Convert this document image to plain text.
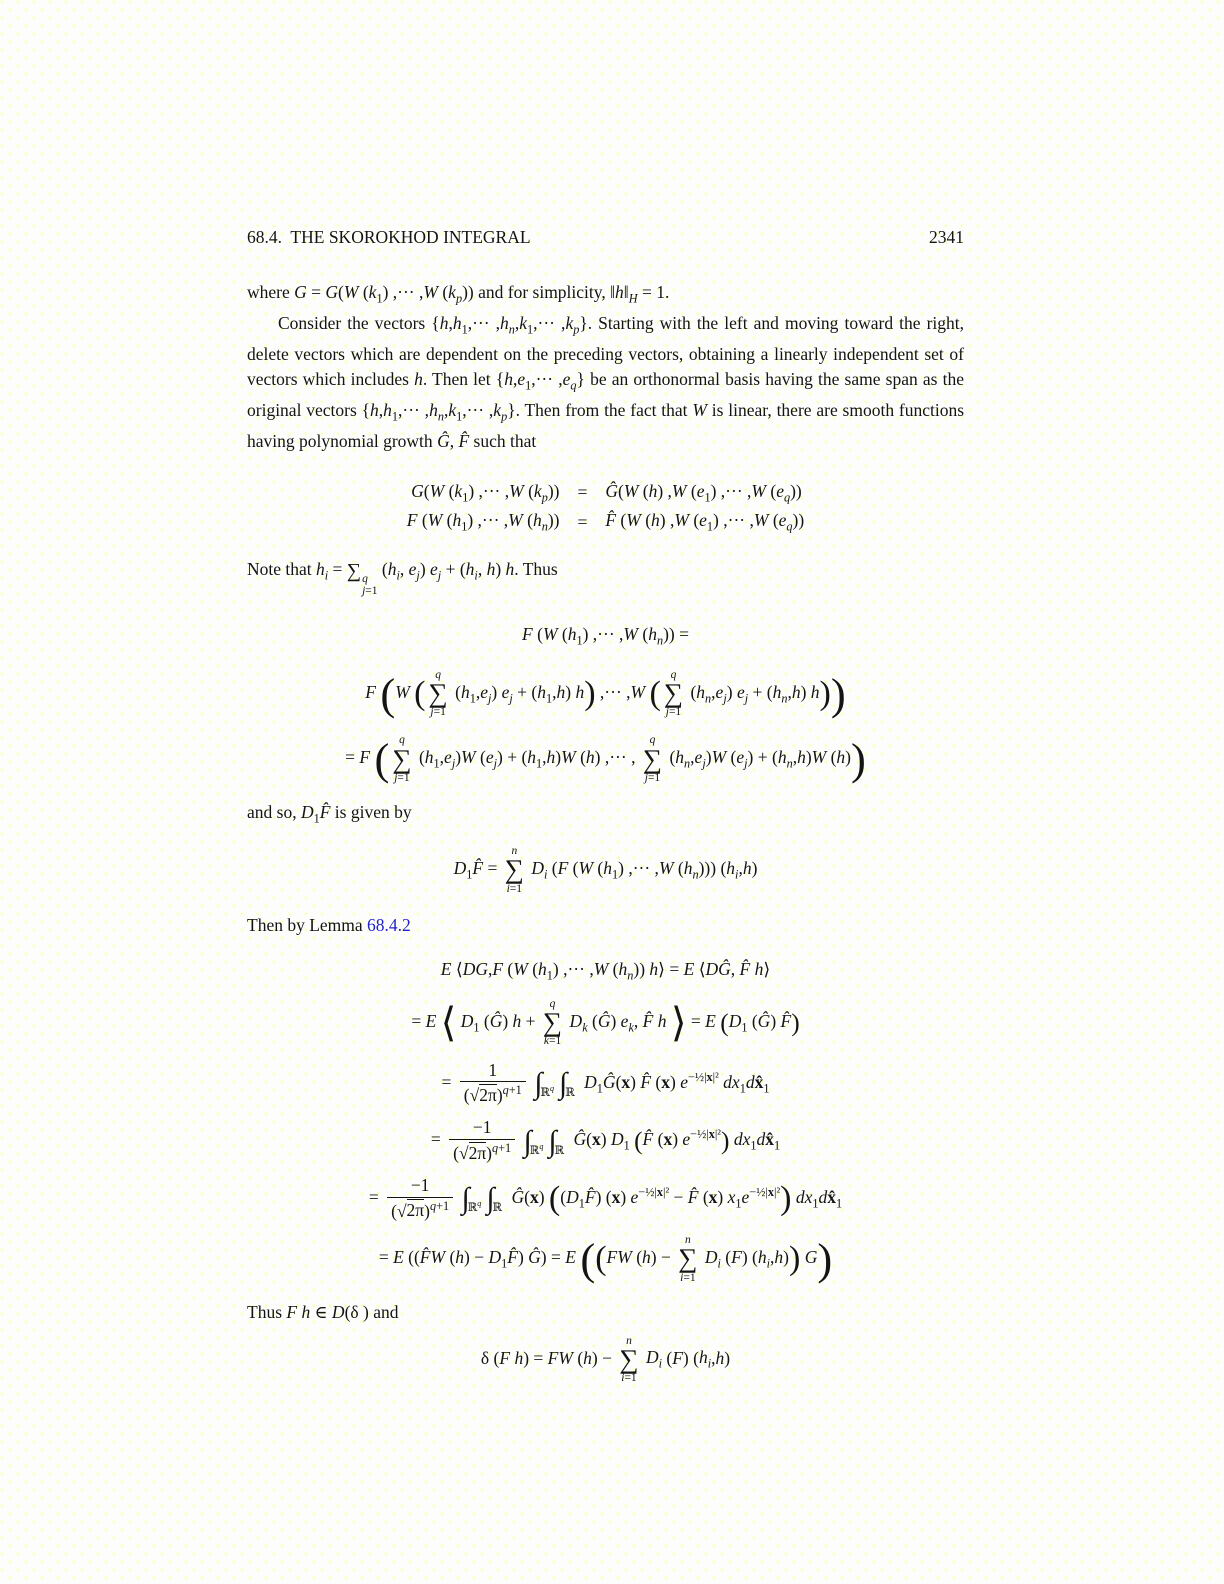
68.4.  THE SKOROKHOD INTEGRAL	2341

where G = G(W $(k_1)$ ,··· ,W $(k_p)$) and for simplicity, $‖h‖_H = 1$.

Consider the vectors $\{h,h_1,\cdot\cdot\cdot ,h_n,k_1,\cdot\cdot\cdot ,k_p\}$. Starting with the left and moving toward the right, delete vectors which are dependent on the preceding vectors, obtaining a linearly independent set of vectors which includes h. Then let $\{h,e_1,\cdot\cdot\cdot ,e_q\}$ be an orthonormal basis having the same span as the original vectors $\{h,h_1,\cdot\cdot\cdot ,h_n,k_1,\cdot\cdot\cdot ,k_p\}$. Then from the fact that W is linear, there are smooth functions having polynomial growth Ĝ, F̂ such that

G(W $(k_1)$ ,··· ,W $(k_p)$)	=	Ĝ(W (h) ,W $(e_1)$ ,··· ,W $(e_q)$)
F (W $(h_1)$ ,··· ,W $(h_n)$)	=	F̂ (W (h) ,W $(e_1)$ ,··· ,W $(e_q)$)

Note that $h_i$ = ∑ q
j=1
($h_i$, $e_j$) $e_j + (h_i$, h) h. Thus

F (W $(h_1)$ ,··· ,W $(h_n)$) =
F (W ( q
∑
j=1
$(h_1,e_j) e_j + (h_1,h)$ h) ,··· ,W ( q
∑
j=1
$(h_n,e_j) e_j + (h_n,h)$ h))
= F ( q
∑
j=1
$(h_1,e_j)W$ $(e_j) + (h_1,h)W$ (h) ,··· ,
q
∑
j=1
$(h_n,e_j)W$ $(e_j) + (h_n,h)W$ (h))

and so, $D_1F̂$ is given by

$D_1F̂$ =
n
∑
i=1
$D_i$ (F (W $(h_1)$ ,··· ,W $(h_n)$)) $(h_i,h)$

Then by Lemma 68.4.2

E ⟨DG,F (W $(h_1)$ ,··· ,W $(h_n)$) h⟩ = E ⟨DĜ, F̂ h⟩
= E ⟨ $D_1$ (Ĝ) h +
q
∑
k=1
$D_k$ (Ĝ) $e_k$, F̂ h ⟩ = E ($D_1$ (Ĝ) F̂)
= $\frac{1}{(√2\pi)^{q+1}} \int_{ℝ^q}$ $\int_ℝ$ $D_1Ĝ(x)$ F̂ (x) $e^{-\frac{1}{2}|x|^2}$ $dx_1dx̂_1$
= $\frac{-1}{(√2\pi)^{q+1}} \int_{ℝ^q}$ $\int_ℝ$ Ĝ(x) $D_1$ (F̂ (x) $e^{-\frac{1}{2}|x|^2}$) $dx_1dx̂_1$
= $\frac{-1}{(√2\pi)^{q+1}} \int_{ℝ^q}$ $\int_ℝ$ Ĝ(x) ($(D_1F̂)$ (x) $e^{-\frac{1}{2}|x|^2}$ − F̂ (x) $x_1e^{-\frac{1}{2}|x|^2}$) $dx_1dx̂_1$
= E ((F̂W $(h) - D_1F̂$) Ĝ) = E ((FW (h) −
n
∑
i=1
$D_i$ (F) $(h_i,h)$) G)

Thus F h ∈ D(δ ) and

δ (F h) = FW (h) −
n
∑
i=1
$D_i$ (F) $(h_i,h)$
